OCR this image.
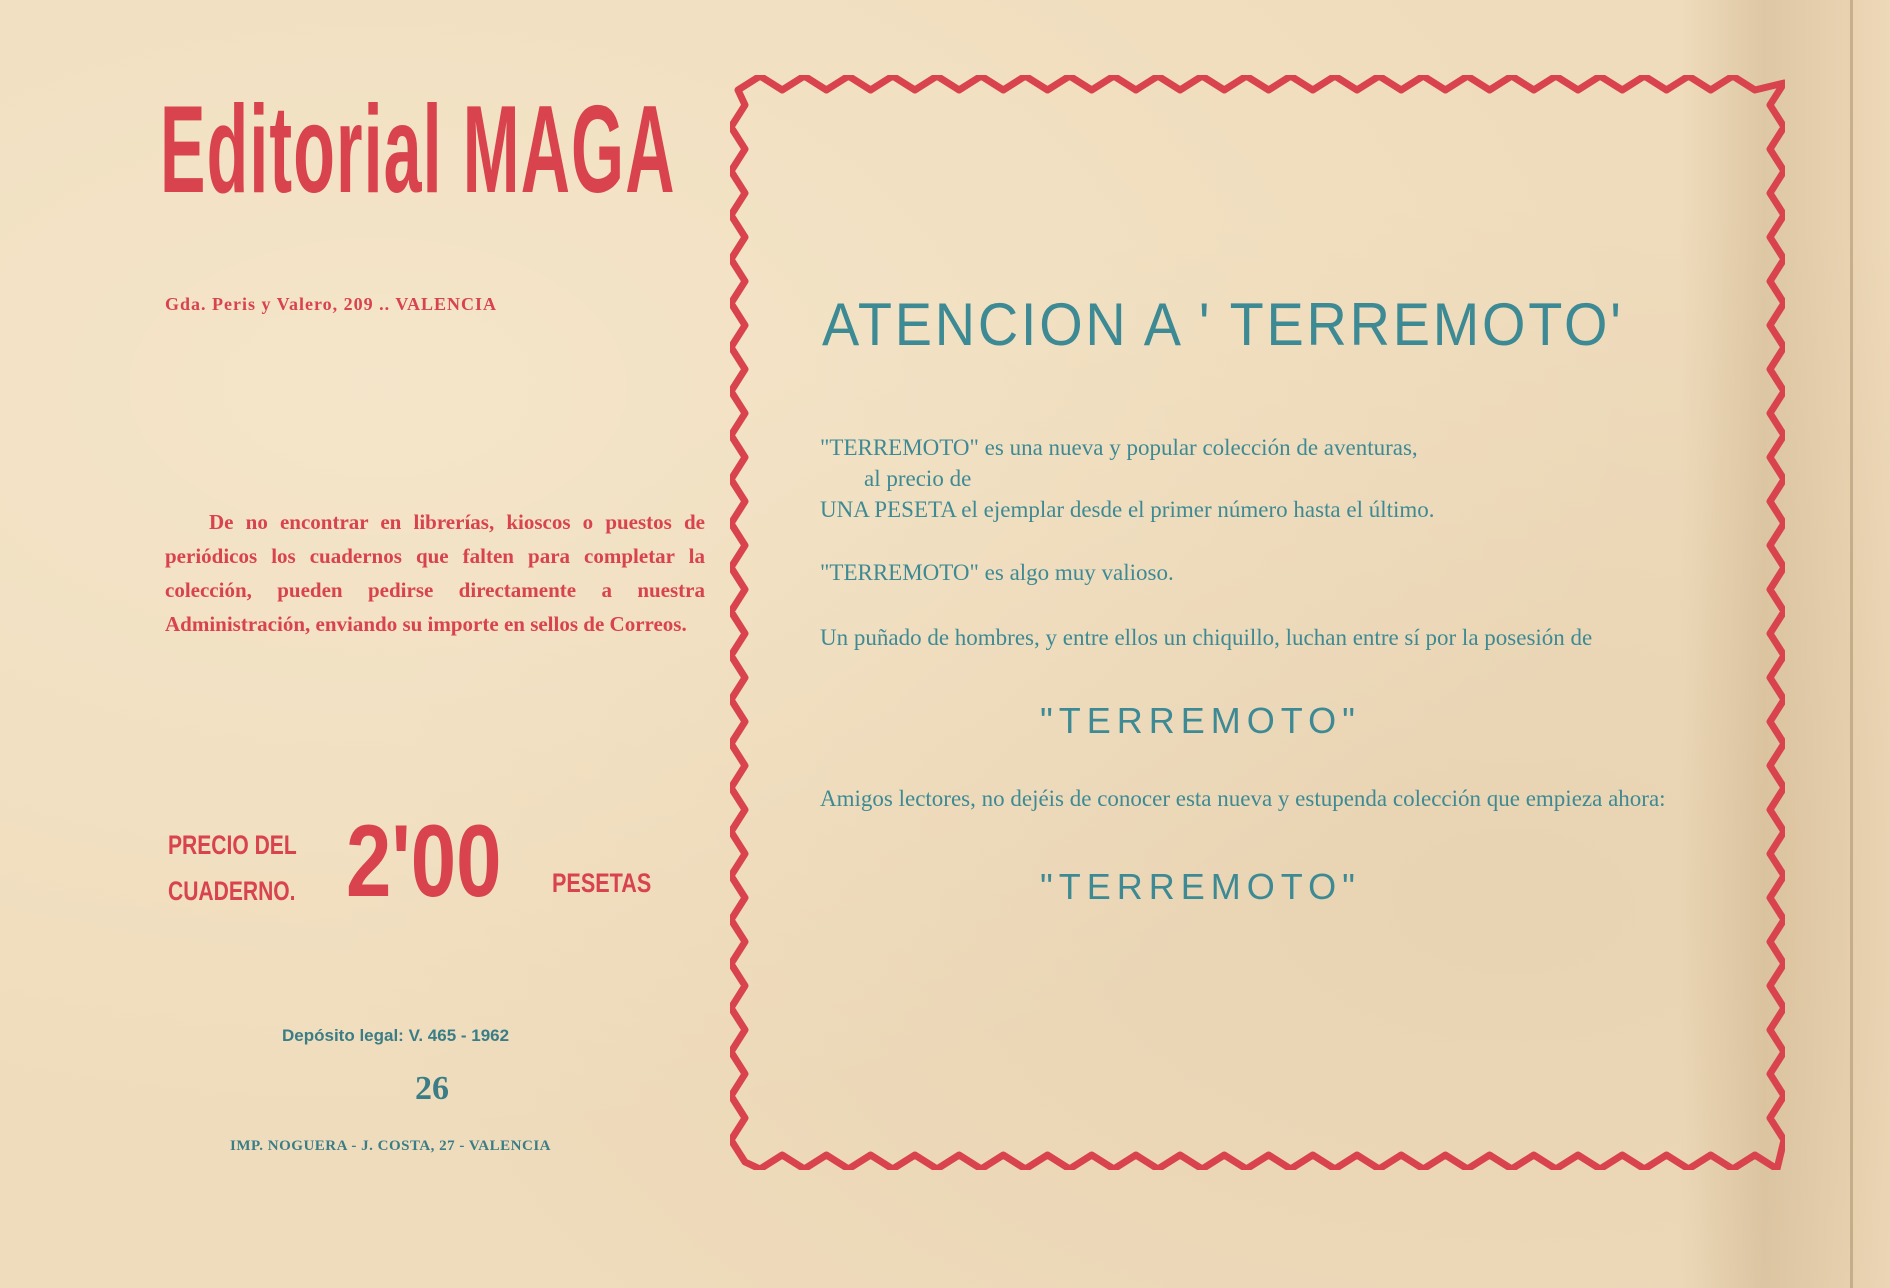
Editorial MAGA
Gda. Peris y Valero, 209 .. VALENCIA
De no encontrar en librerías, kioscos o puestos de periódicos los cuadernos que falten para completar la colección, pueden pedirse directamente a nuestra Administración, enviando su importe en sellos de Correos.
PRECIO DEL
CUADERNO. 2'00 PESETAS
Depósito legal: V. 465 - 1962
26
IMP. NOGUERA - J. COSTA, 27 - VALENCIA
ATENCION A ' TERREMOTO'
"TERREMOTO" es una nueva y popular colección de aventuras,
al precio de
UNA PESETA el ejemplar desde el primer número hasta el último.
"TERREMOTO" es algo muy valioso.
Un puñado de hombres, y entre ellos un chiquillo, luchan entre sí por la posesión de
"TERREMOTO"
Amigos lectores, no dejéis de conocer esta nueva y estupenda colección que empieza ahora:
"TERREMOTO"
